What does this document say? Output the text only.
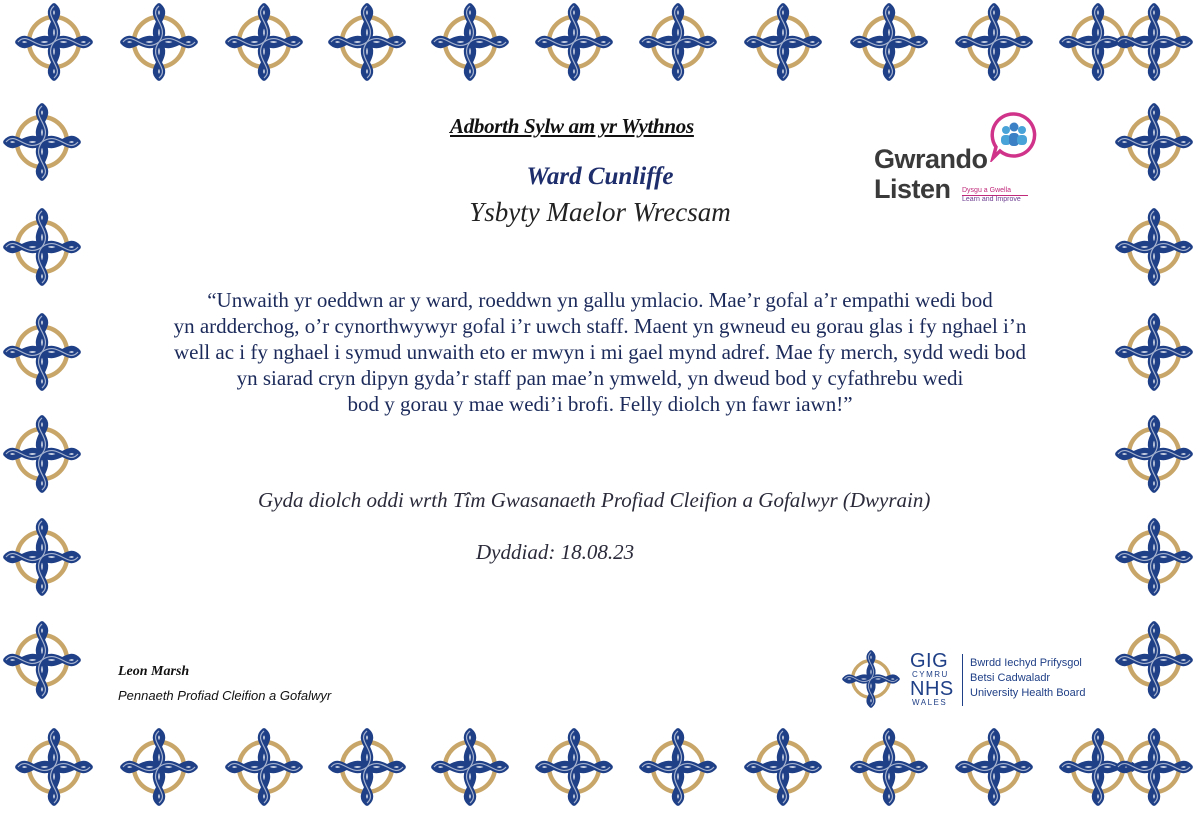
Adborth Sylw am yr Wythnos
Ward Cunliffe
Ysbyty Maelor Wrecsam
“Unwaith yr oeddwn ar y ward, roeddwn yn gallu ymlacio. Mae’r gofal a’r empathi wedi bod
yn ardderchog, o’r cynorthwywyr gofal i’r uwch staff. Maent yn gwneud eu gorau glas i fy nghael i’n
well ac i fy nghael i symud unwaith eto er mwyn i mi gael mynd adref. Mae fy merch, sydd wedi bod
yn siarad cryn dipyn gyda’r staff pan mae’n ymweld, yn dweud bod y cyfathrebu wedi
bod y gorau y mae wedi’i brofi. Felly diolch yn fawr iawn!”
Gyda diolch oddi wrth Tîm Gwasanaeth Profiad Cleifion a Gofalwyr (Dwyrain)
Dyddiad: 18.08.23
Leon Marsh
Pennaeth Profiad Cleifion a Gofalwyr
Gwrando
Listen Dysgu a Gwella
Learn and Improve
GIG
CYMRU
NHS
WALES
Bwrdd Iechyd Prifysgol
Betsi Cadwaladr
University Health Board
